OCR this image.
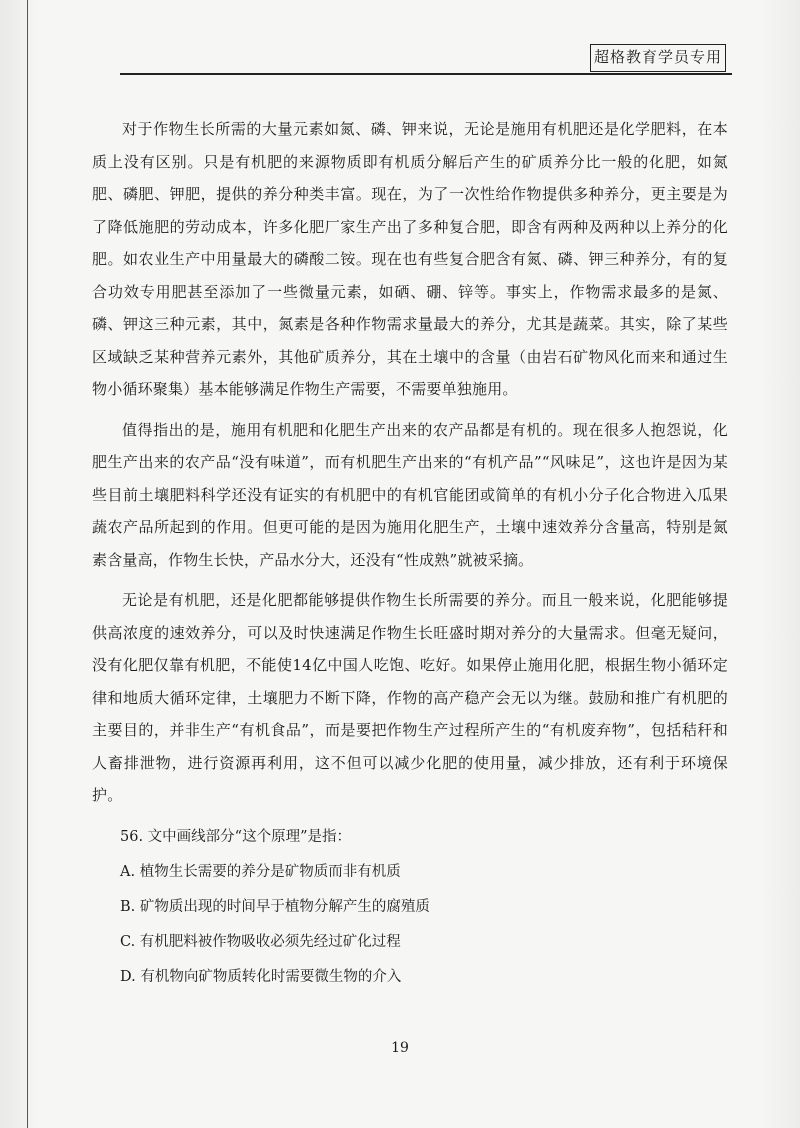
超格教育学员专用

对于作物生长所需的大量元素如氮、磷、钾来说，无论是施用有机肥还是化学肥料，在本质上没有区别。只是有机肥的来源物质即有机质分解后产生的矿质养分比一般的化肥，如氮肥、磷肥、钾肥，提供的养分种类丰富。现在，为了一次性给作物提供多种养分，更主要是为了降低施肥的劳动成本，许多化肥厂家生产出了多种复合肥，即含有两种及两种以上养分的化肥。如农业生产中用量最大的磷酸二铵。现在也有些复合肥含有氮、磷、钾三种养分，有的复合功效专用肥甚至添加了一些微量元素，如硒、硼、锌等。事实上，作物需求最多的是氮、磷、钾这三种元素，其中，氮素是各种作物需求量最大的养分，尤其是蔬菜。其实，除了某些区域缺乏某种营养元素外，其他矿质养分，其在土壤中的含量（由岩石矿物风化而来和通过生物小循环聚集）基本能够满足作物生产需要，不需要单独施用。

值得指出的是，施用有机肥和化肥生产出来的农产品都是有机的。现在很多人抱怨说，化肥生产出来的农产品“没有味道”，而有机肥生产出来的“有机产品”“风味足”，这也许是因为某些目前土壤肥料科学还没有证实的有机肥中的有机官能团或简单的有机小分子化合物进入瓜果蔬农产品所起到的作用。但更可能的是因为施用化肥生产，土壤中速效养分含量高，特别是氮素含量高，作物生长快，产品水分大，还没有“性成熟”就被采摘。

无论是有机肥，还是化肥都能够提供作物生长所需要的养分。而且一般来说，化肥能够提供高浓度的速效养分，可以及时快速满足作物生长旺盛时期对养分的大量需求。但毫无疑问，没有化肥仅靠有机肥，不能使14亿中国人吃饱、吃好。如果停止施用化肥，根据生物小循环定律和地质大循环定律，土壤肥力不断下降，作物的高产稳产会无以为继。鼓励和推广有机肥的主要目的，并非生产“有机食品”，而是要把作物生产过程所产生的“有机废弃物”，包括秸秆和人畜排泄物，进行资源再利用，这不但可以减少化肥的使用量，减少排放，还有利于环境保护。

56. 文中画线部分“这个原理”是指：
A. 植物生长需要的养分是矿物质而非有机质
B. 矿物质出现的时间早于植物分解产生的腐殖质
C. 有机肥料被作物吸收必须先经过矿化过程
D. 有机物向矿物质转化时需要微生物的介入
19
